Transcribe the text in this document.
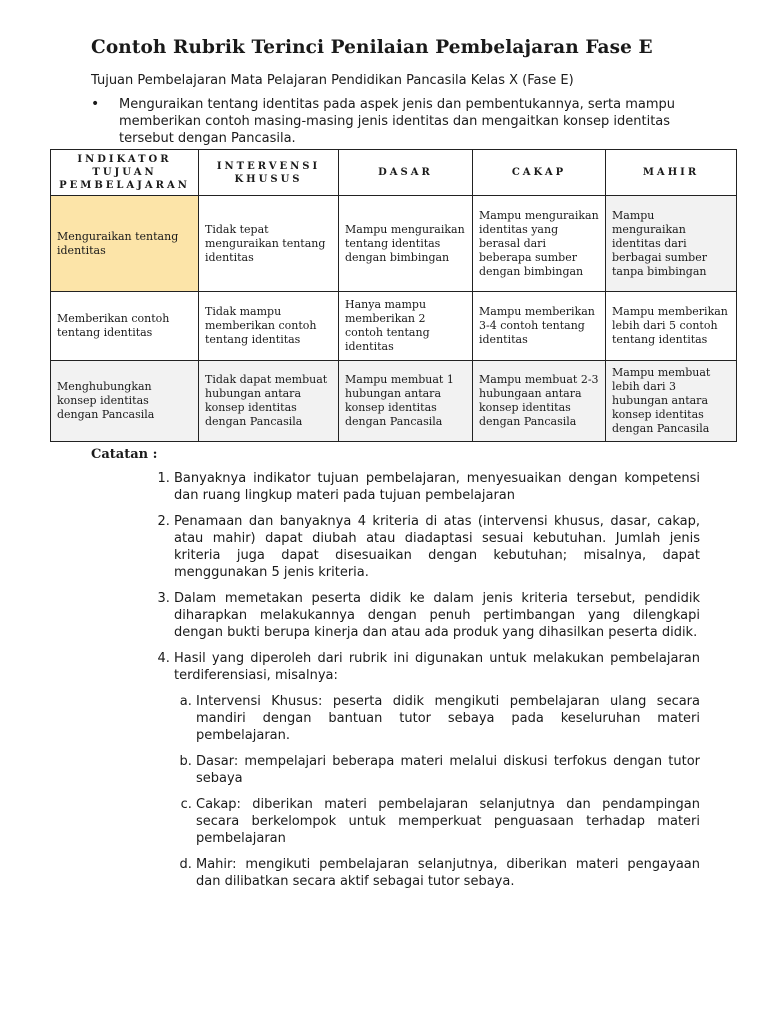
Contoh Rubrik Terinci Penilaian Pembelajaran Fase E

Tujuan Pembelajaran Mata Pelajaran Pendidikan Pancasila Kelas X (Fase E)

•	Menguraikan tentang identitas pada aspek jenis dan pembentukannya, serta mampu memberikan contoh masing-masing jenis identitas dan mengaitkan konsep identitas tersebut dengan Pancasila.
INDIKATOR TUJUAN PEMBELAJARAN	INTERVENSI KHUSUS	DASAR	CAKAP	MAHIR
Menguraikan tentang identitas	Tidak tepat menguraikan tentang identitas	Mampu menguraikan tentang identitas dengan bimbingan	Mampu menguraikan identitas yang berasal dari beberapa sumber dengan bimbingan	Mampu menguraikan identitas dari berbagai sumber tanpa bimbingan
Memberikan contoh tentang identitas	Tidak mampu memberikan contoh tentang identitas	Hanya mampu memberikan 2 contoh tentang identitas	Mampu memberikan 3-4 contoh tentang identitas	Mampu memberikan lebih dari 5 contoh tentang identitas
Menghubungkan konsep identitas dengan Pancasila	Tidak dapat membuat hubungan antara konsep identitas dengan Pancasila	Mampu membuat 1 hubungan antara konsep identitas dengan Pancasila	Mampu membuat 2-3 hubungaan antara konsep identitas dengan Pancasila	Mampu membuat lebih dari 3 hubungan antara konsep identitas dengan Pancasila

Catatan :

1. Banyaknya indikator tujuan pembelajaran, menyesuaikan dengan kompetensi dan ruang lingkup materi pada tujuan pembelajaran
2. Penamaan dan banyaknya 4 kriteria di atas (intervensi khusus, dasar, cakap, atau mahir) dapat diubah atau diadaptasi sesuai kebutuhan. Jumlah jenis kriteria juga dapat disesuaikan dengan kebutuhan; misalnya, dapat menggunakan 5 jenis kriteria.
3. Dalam memetakan peserta didik ke dalam jenis kriteria tersebut, pendidik diharapkan melakukannya dengan penuh pertimbangan yang dilengkapi dengan bukti berupa kinerja dan atau ada produk yang dihasilkan peserta didik.
4. Hasil yang diperoleh dari rubrik ini digunakan untuk melakukan pembelajaran terdiferensiasi, misalnya:
a. Intervensi Khusus: peserta didik mengikuti pembelajaran ulang secara mandiri dengan bantuan tutor sebaya pada keseluruhan materi pembelajaran.
b. Dasar: mempelajari beberapa materi melalui diskusi terfokus dengan tutor sebaya
c. Cakap: diberikan materi pembelajaran selanjutnya dan pendampingan secara berkelompok untuk memperkuat penguasaan terhadap materi pembelajaran
d. Mahir: mengikuti pembelajaran selanjutnya, diberikan materi pengayaan dan dilibatkan secara aktif sebagai tutor sebaya.
